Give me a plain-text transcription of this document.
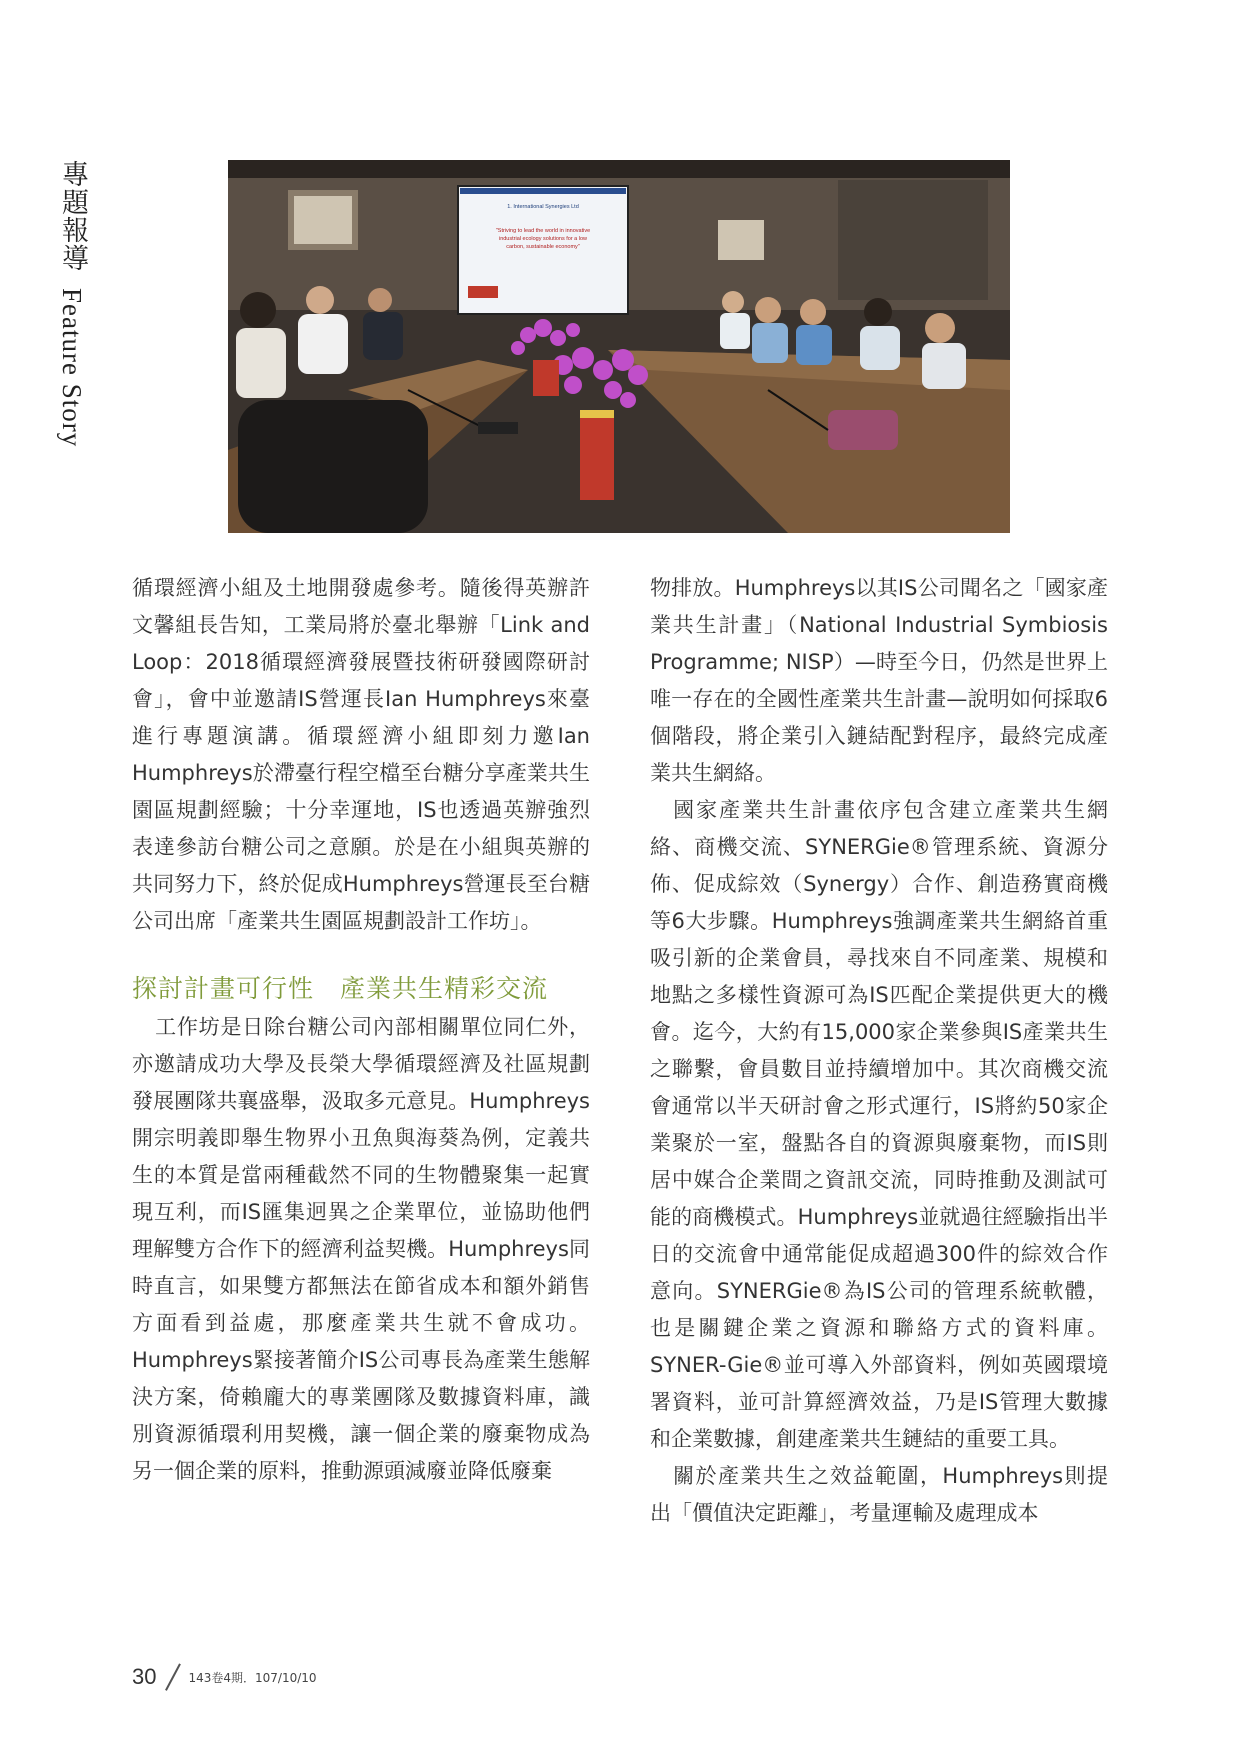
專題報導 Feature Story
1. International Synergies Ltd
"Striving to lead the world in innovative
industrial ecology solutions for a low
carbon, sustainable economy"

循環經濟小組及土地開發處參考。隨後得英辦許文馨組長告知，工業局將於臺北舉辦「Link and Loop：2018循環經濟發展暨技術研發國際研討會」，會中並邀請IS營運長Ian Humphreys來臺進行專題演講。循環經濟小組即刻力邀Ian Humphreys於滯臺行程空檔至台糖分享產業共生園區規劃經驗；十分幸運地，IS也透過英辦強烈表達參訪台糖公司之意願。於是在小組與英辦的共同努力下，終於促成Humphreys營運長至台糖公司出席「產業共生園區規劃設計工作坊」。

探討計畫可行性　產業共生精彩交流

工作坊是日除台糖公司內部相關單位同仁外，亦邀請成功大學及長榮大學循環經濟及社區規劃發展團隊共襄盛舉，汲取多元意見。Humphreys開宗明義即舉生物界小丑魚與海葵為例，定義共生的本質是當兩種截然不同的生物體聚集一起實現互利，而IS匯集迥異之企業單位，並協助他們理解雙方合作下的經濟利益契機。Humphreys同時直言，如果雙方都無法在節省成本和額外銷售方面看到益處，那麼產業共生就不會成功。Humphreys緊接著簡介IS公司專長為產業生態解決方案，倚賴龐大的專業團隊及數據資料庫，識別資源循環利用契機，讓一個企業的廢棄物成為另一個企業的原料，推動源頭減廢並降低廢棄

物排放。Humphreys以其IS公司聞名之「國家產業共生計畫」（National Industrial Symbiosis Programme; NISP）—時至今日，仍然是世界上唯一存在的全國性產業共生計畫—說明如何採取6個階段，將企業引入鏈結配對程序，最終完成產業共生網絡。

國家產業共生計畫依序包含建立產業共生網絡、商機交流、SYNERGie®管理系統、資源分佈、促成綜效（Synergy）合作、創造務實商機等6大步驟。Humphreys強調產業共生網絡首重吸引新的企業會員，尋找來自不同產業、規模和地點之多樣性資源可為IS匹配企業提供更大的機會。迄今，大約有15,000家企業參與IS產業共生之聯繫，會員數目並持續增加中。其次商機交流會通常以半天研討會之形式運行，IS將約50家企業聚於一室，盤點各自的資源與廢棄物，而IS則居中媒合企業間之資訊交流，同時推動及測試可能的商機模式。Humphreys並就過往經驗指出半日的交流會中通常能促成超過300件的綜效合作意向。SYNERGie®為IS公司的管理系統軟體，也是關鍵企業之資源和聯絡方式的資料庫。SYNER-Gie®並可導入外部資料，例如英國環境署資料，並可計算經濟效益，乃是IS管理大數據和企業數據，創建產業共生鏈結的重要工具。

關於產業共生之效益範圍，Humphreys則提出「價值決定距離」，考量運輸及處理成本

30	143卷4期．107/10/10
